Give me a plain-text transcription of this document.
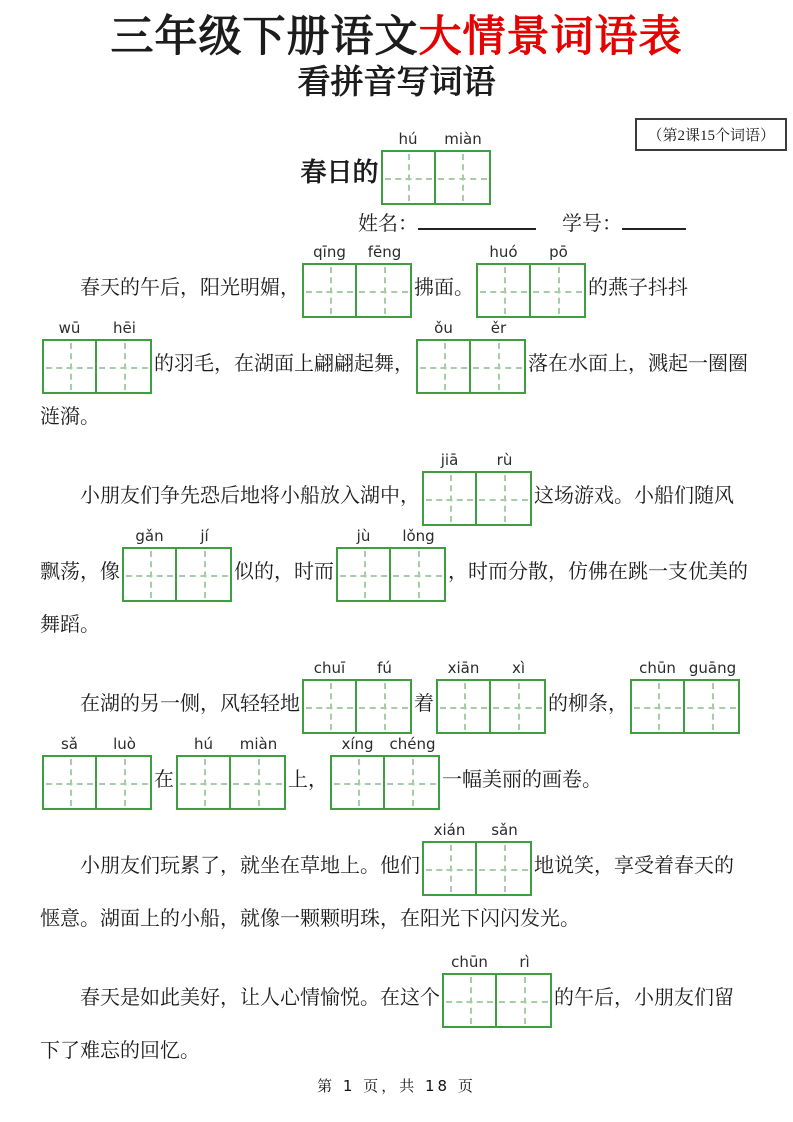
三年级下册语文大情景词语表
看拼音写词语
（第2课15个词语）
春日的
hú	miàn
姓名：	学号：

　　春天的午后，阳光明媚，
qīng	fēng
拂面。
huó	pō
的燕子抖抖
wū	hēi
的羽毛，在湖面上翩翩起舞，
ǒu	ěr
落在水面上，溅起一圈圈涟漪。

　　小朋友们争先恐后地将小船放入湖中，
jiā	rù
这场游戏。小船们随风飘荡，像
gǎn	jí
似的，时而
jù	lǒng
，时而分散，仿佛在跳一支优美的舞蹈。

　　在湖的另一侧，风轻轻地
chuī	fú
着
xiān	xì
的柳条，
chūn guāng
sǎ	luò
在
hú	miàn
上，
xíng	chéng
一幅美丽的画卷。

　　小朋友们玩累了，就坐在草地上。他们
xián	sǎn
地说笑，享受着春天的惬意。湖面上的小船，就像一颗颗明珠，在阳光下闪闪发光。

　　春天是如此美好，让人心情愉悦。在这个
chūn	rì
的午后，小朋友们留下了难忘的回忆。

第 1 页，共 18 页
